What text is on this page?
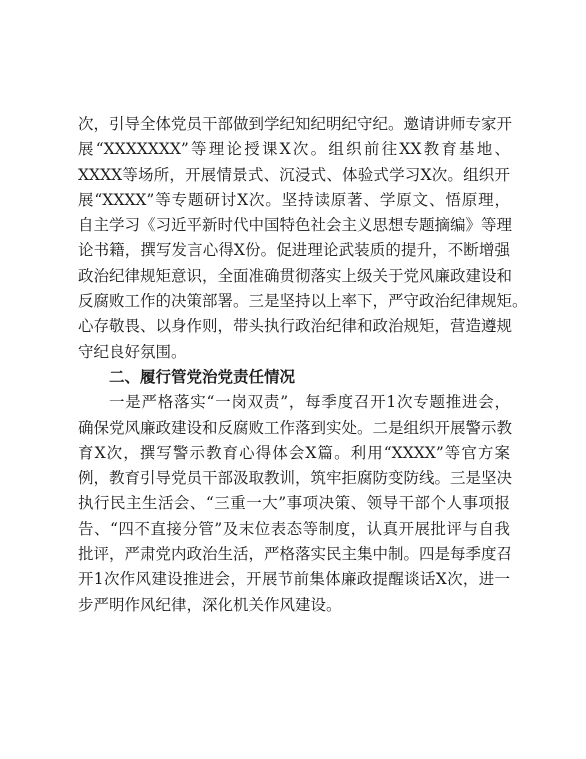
次，引导全体党员干部做到学纪知纪明纪守纪。邀请讲师专家开
展“XXXXXXX”等理论授课X次。组织前往XX教育基地、
XXXX等场所，开展情景式、沉浸式、体验式学习X次。组织开
展“XXXX”等专题研讨X次。坚持读原著、学原文、悟原理，
自主学习《习近平新时代中国特色社会主义思想专题摘编》等理
论书籍，撰写发言心得X份。促进理论武装质的提升，不断增强
政治纪律规矩意识，全面准确贯彻落实上级关于党风廉政建设和
反腐败工作的决策部署。三是坚持以上率下，严守政治纪律规矩。
心存敬畏、以身作则，带头执行政治纪律和政治规矩，营造遵规
守纪良好氛围。
二、履行管党治党责任情况
一是严格落实“一岗双责”，每季度召开1次专题推进会，
确保党风廉政建设和反腐败工作落到实处。二是组织开展警示教
育X次，撰写警示教育心得体会X篇。利用“XXXX”等官方案
例，教育引导党员干部汲取教训，筑牢拒腐防变防线。三是坚决
执行民主生活会、“三重一大”事项决策、领导干部个人事项报
告、“四不直接分管”及末位表态等制度，认真开展批评与自我
批评，严肃党内政治生活，严格落实民主集中制。四是每季度召
开1次作风建设推进会，开展节前集体廉政提醒谈话X次，进一
步严明作风纪律，深化机关作风建设。
